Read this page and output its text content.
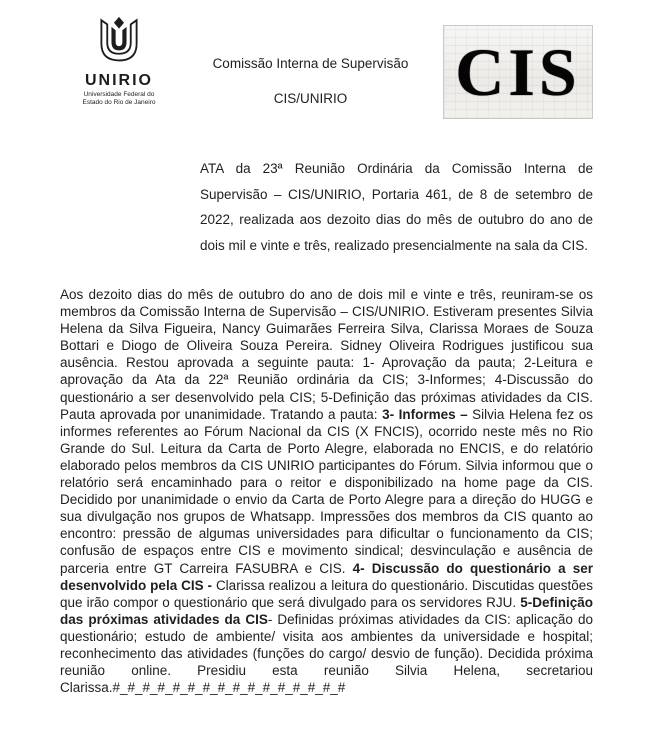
UNIRIO
Universidade Federal do Estado do Rio de Janeiro
Comissão Interna de Supervisão
CIS/UNIRIO	CIS

ATA da 23ª Reunião Ordinária da Comissão Interna de Supervisão – CIS/UNIRIO, Portaria 461, de 8 de setembro de 2022, realizada aos dezoito dias do mês de outubro do ano de dois mil e vinte e três, realizado presencialmente na sala da CIS.

Aos dezoito dias do mês de outubro do ano de dois mil e vinte e três, reuniram-se os membros da Comissão Interna de Supervisão – CIS/UNIRIO. Estiveram presentes Silvia Helena da Silva Figueira, Nancy Guimarães Ferreira Silva, Clarissa Moraes de Souza Bottari e Diogo de Oliveira Souza Pereira. Sidney Oliveira Rodrigues justificou sua ausência. Restou aprovada a seguinte pauta: 1- Aprovação da pauta; 2-Leitura e aprovação da Ata da 22ª Reunião ordinária da CIS; 3-Informes; 4-Discussão do questionário a ser desenvolvido pela CIS; 5-Definição das próximas atividades da CIS. Pauta aprovada por unanimidade. Tratando a pauta: 3- Informes – Silvia Helena fez os informes referentes ao Fórum Nacional da CIS (X FNCIS), ocorrido neste mês no Rio Grande do Sul. Leitura da Carta de Porto Alegre, elaborada no ENCIS, e do relatório elaborado pelos membros da CIS UNIRIO participantes do Fórum. Silvia informou que o relatório será encaminhado para o reitor e disponibilizado na home page da CIS. Decidido por unanimidade o envio da Carta de Porto Alegre para a direção do HUGG e sua divulgação nos grupos de Whatsapp. Impressões dos membros da CIS quanto ao encontro: pressão de algumas universidades para dificultar o funcionamento da CIS; confusão de espaços entre CIS e movimento sindical; desvinculação e ausência de parceria entre GT Carreira FASUBRA e CIS. 4- Discussão do questionário a ser desenvolvido pela CIS - Clarissa realizou a leitura do questionário. Discutidas questões que irão compor o questionário que será divulgado para os servidores RJU. 5-Definição das próximas atividades da CIS- Definidas próximas atividades da CIS: aplicação do questionário; estudo de ambiente/ visita aos ambientes da universidade e hospital; reconhecimento das atividades (funções do cargo/ desvio de função). Decidida próxima reunião online. Presidiu esta reunião Silvia Helena, secretariou Clarissa.#_#_#_#_#_#_#_#_#_#_#_#_#_#_#_#
